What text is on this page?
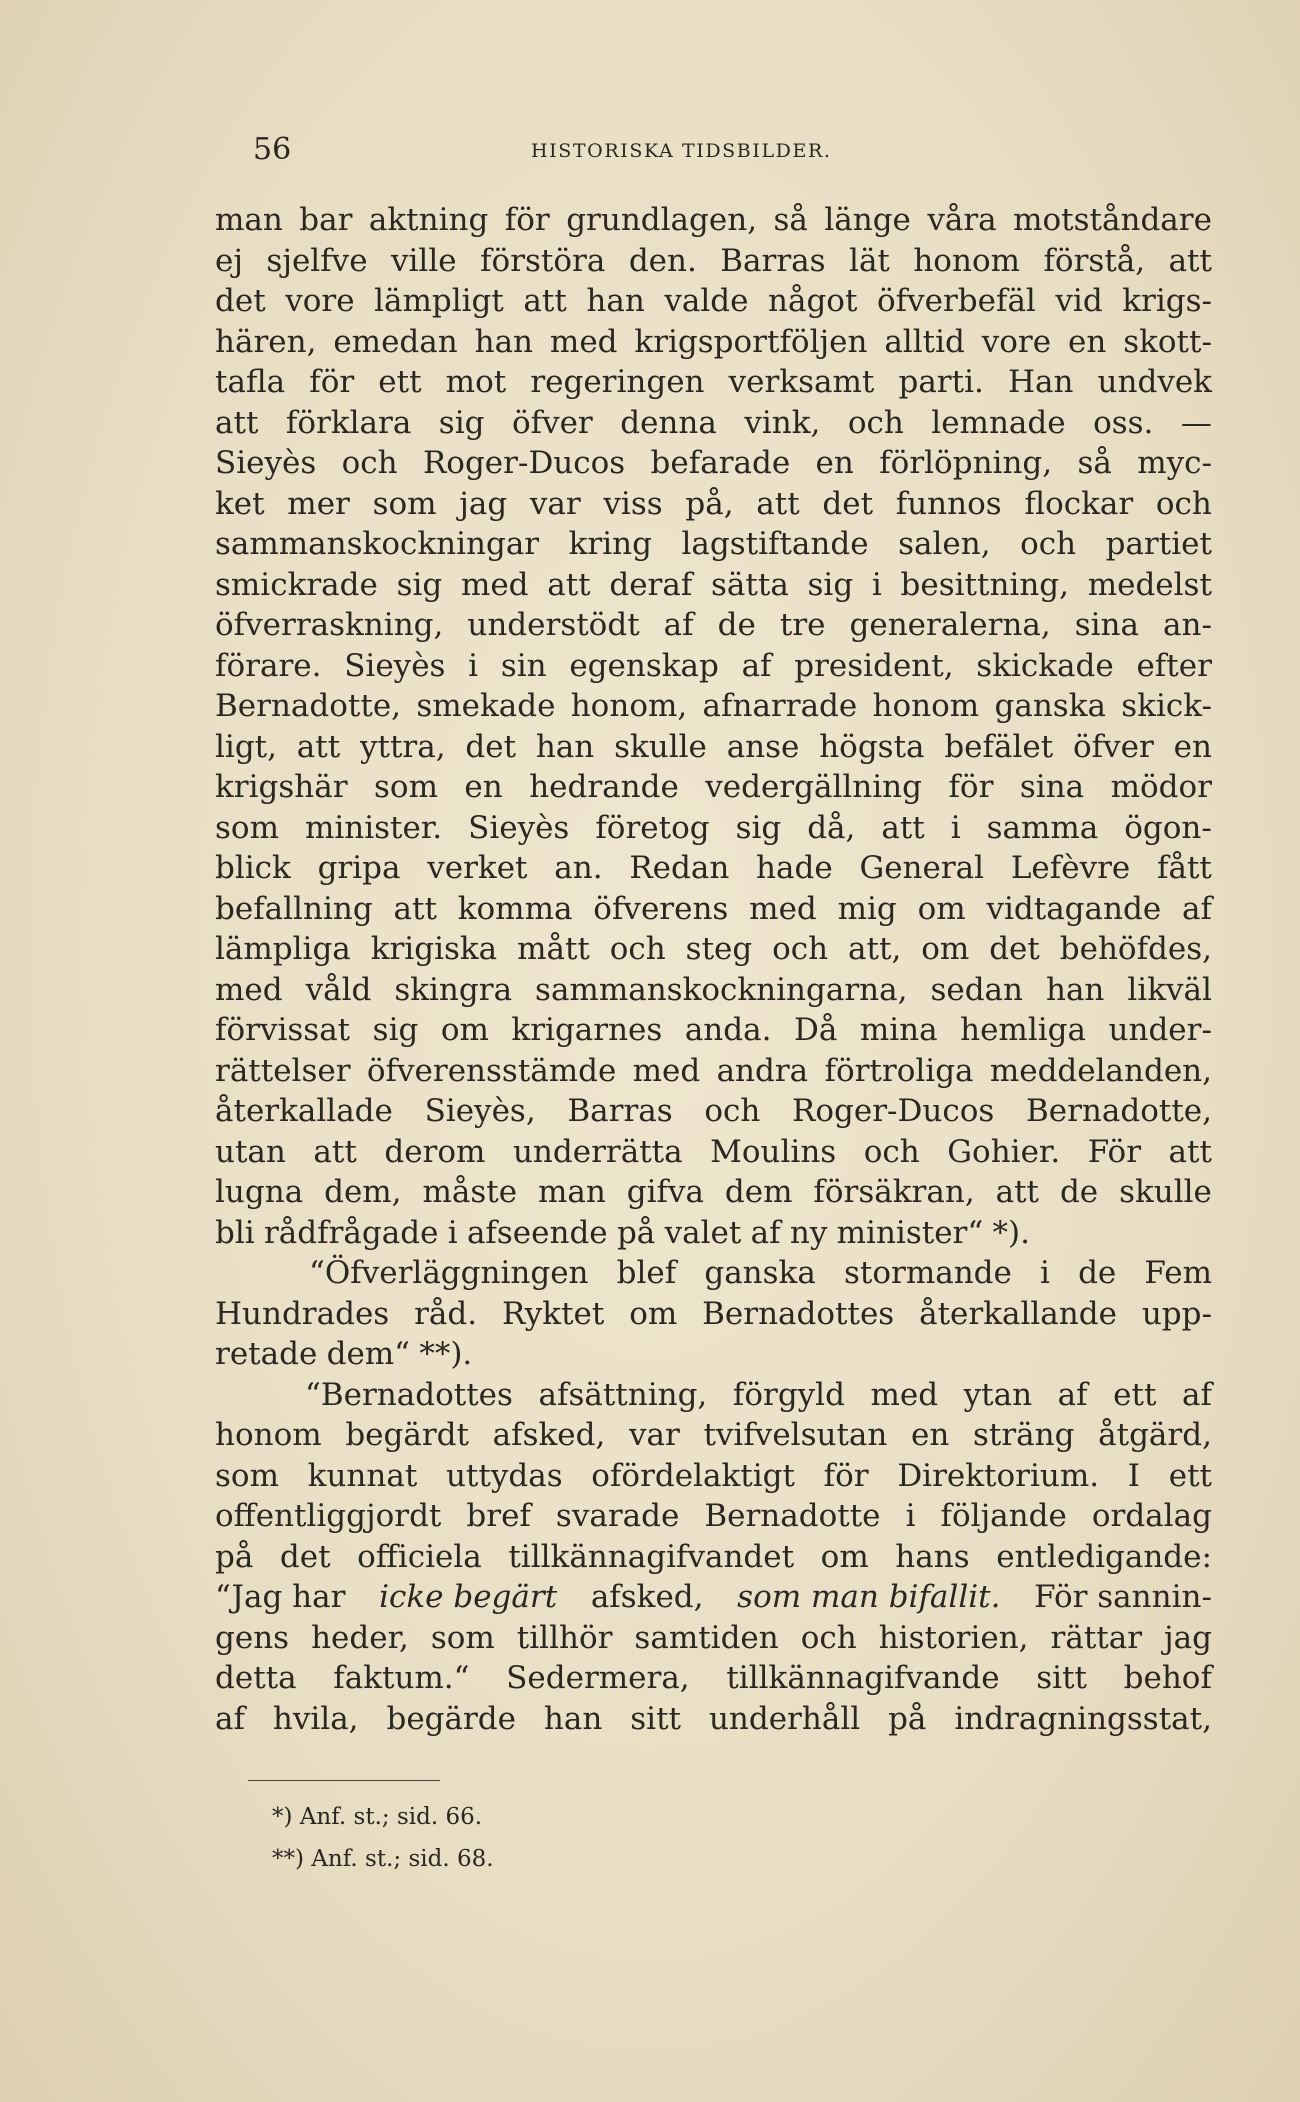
56	HISTORISKA TIDSBILDER.
man bar aktning för grundlagen, så länge våra motståndare
ej sjelfve ville förstöra den. Barras lät honom förstå, att
det vore lämpligt att han valde något öfverbefäl vid krigs-
hären, emedan han med krigsportföljen alltid vore en skott-
tafla för ett mot regeringen verksamt parti. Han undvek
att förklara sig öfver denna vink, och lemnade oss. —
Sieyès och Roger-Ducos befarade en förlöpning, så myc-
ket mer som jag var viss på, att det funnos flockar och
sammanskockningar kring lagstiftande salen, och partiet
smickrade sig med att deraf sätta sig i besittning, medelst
öfverraskning, understödt af de tre generalerna, sina an-
förare. Sieyès i sin egenskap af president, skickade efter
Bernadotte, smekade honom, afnarrade honom ganska skick-
ligt, att yttra, det han skulle anse högsta befälet öfver en
krigshär som en hedrande vedergällning för sina mödor
som minister. Sieyès företog sig då, att i samma ögon-
blick gripa verket an. Redan hade General Lefèvre fått
befallning att komma öfverens med mig om vidtagande af
lämpliga krigiska mått och steg och att, om det behöfdes,
med våld skingra sammanskockningarna, sedan han likväl
förvissat sig om krigarnes anda. Då mina hemliga under-
rättelser öfverensstämde med andra förtroliga meddelanden,
återkallade Sieyès, Barras och Roger-Ducos Bernadotte,
utan att derom underrätta Moulins och Gohier. För att
lugna dem, måste man gifva dem försäkran, att de skulle
bli rådfrågade i afseende på valet af ny minister“ *).
“Öfverläggningen blef ganska stormande i de Fem
Hundrades råd. Ryktet om Bernadottes återkallande upp-
retade dem“ **).
“Bernadottes afsättning, förgyld med ytan af ett af
honom begärdt afsked, var tvifvelsutan en sträng åtgärd,
som kunnat uttydas ofördelaktigt för Direktorium. I ett
offentliggjordt bref svarade Bernadotte i följande ordalag
på det officiela tillkännagifvandet om hans entledigande:
“Jag har icke begärt afsked, som man bifallit. För sannin-
gens heder, som tillhör samtiden och historien, rättar jag
detta faktum.“ Sedermera, tillkännagifvande sitt behof
af hvila, begärde han sitt underhåll på indragningsstat,
*) Anf. st.; sid. 66.
**) Anf. st.; sid. 68.
